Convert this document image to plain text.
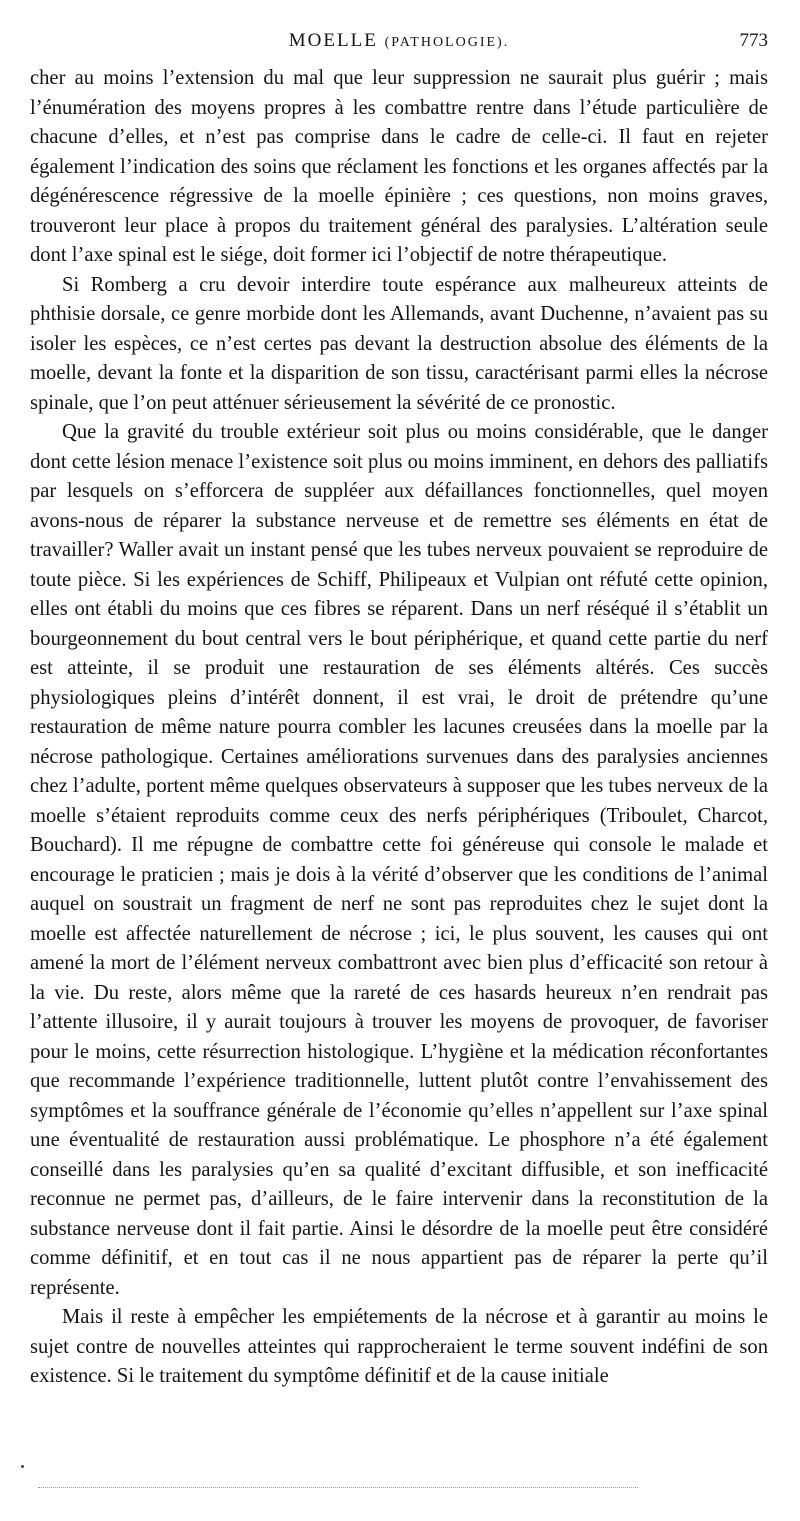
MOELLE (PATHOLOGIE).	773

cher au moins l’extension du mal que leur suppression ne saurait plus guérir ; mais l’énumération des moyens propres à les combattre rentre dans l’étude particulière de chacune d’elles, et n’est pas comprise dans le cadre de celle-ci. Il faut en rejeter également l’indication des soins que réclament les fonctions et les organes affectés par la dégénérescence régressive de la moelle épinière ; ces questions, non moins graves, trouveront leur place à propos du traitement général des paralysies. L’altération seule dont l’axe spinal est le siége, doit former ici l’objectif de notre thérapeutique.

Si Romberg a cru devoir interdire toute espérance aux malheureux atteints de phthisie dorsale, ce genre morbide dont les Allemands, avant Duchenne, n’avaient pas su isoler les espèces, ce n’est certes pas devant la destruction absolue des éléments de la moelle, devant la fonte et la disparition de son tissu, caractérisant parmi elles la nécrose spinale, que l’on peut atténuer sérieusement la sévérité de ce pronostic.

Que la gravité du trouble extérieur soit plus ou moins considérable, que le danger dont cette lésion menace l’existence soit plus ou moins imminent, en dehors des palliatifs par lesquels on s’efforcera de suppléer aux défaillances fonctionnelles, quel moyen avons-nous de réparer la substance nerveuse et de remettre ses éléments en état de travailler? Waller avait un instant pensé que les tubes nerveux pouvaient se reproduire de toute pièce. Si les expériences de Schiff, Philipeaux et Vulpian ont réfuté cette opinion, elles ont établi du moins que ces fibres se réparent. Dans un nerf réséqué il s’établit un bourgeonnement du bout central vers le bout périphérique, et quand cette partie du nerf est atteinte, il se produit une restauration de ses éléments altérés. Ces succès physiologiques pleins d’intérêt donnent, il est vrai, le droit de prétendre qu’une restauration de même nature pourra combler les lacunes creusées dans la moelle par la nécrose pathologique. Certaines améliorations survenues dans des paralysies anciennes chez l’adulte, portent même quelques observateurs à supposer que les tubes nerveux de la moelle s’étaient reproduits comme ceux des nerfs périphériques (Triboulet, Charcot, Bouchard). Il me répugne de combattre cette foi généreuse qui console le malade et encourage le praticien ; mais je dois à la vérité d’observer que les conditions de l’animal auquel on soustrait un fragment de nerf ne sont pas reproduites chez le sujet dont la moelle est affectée naturellement de nécrose ; ici, le plus souvent, les causes qui ont amené la mort de l’élément nerveux combattront avec bien plus d’efficacité son retour à la vie. Du reste, alors même que la rareté de ces hasards heureux n’en rendrait pas l’attente illusoire, il y aurait toujours à trouver les moyens de provoquer, de favoriser pour le moins, cette résurrection histologique. L’hygiène et la médication réconfortantes que recommande l’expérience traditionnelle, luttent plutôt contre l’envahissement des symptômes et la souffrance générale de l’économie qu’elles n’appellent sur l’axe spinal une éventualité de restauration aussi problématique. Le phosphore n’a été également conseillé dans les paralysies qu’en sa qualité d’excitant diffusible, et son inefficacité reconnue ne permet pas, d’ailleurs, de le faire intervenir dans la reconstitution de la substance nerveuse dont il fait partie. Ainsi le désordre de la moelle peut être considéré comme définitif, et en tout cas il ne nous appartient pas de réparer la perte qu’il représente.

Mais il reste à empêcher les empiétements de la nécrose et à garantir au moins le sujet contre de nouvelles atteintes qui rapprocheraient le terme souvent indéfini de son existence. Si le traitement du symptôme définitif et de la cause initiale
